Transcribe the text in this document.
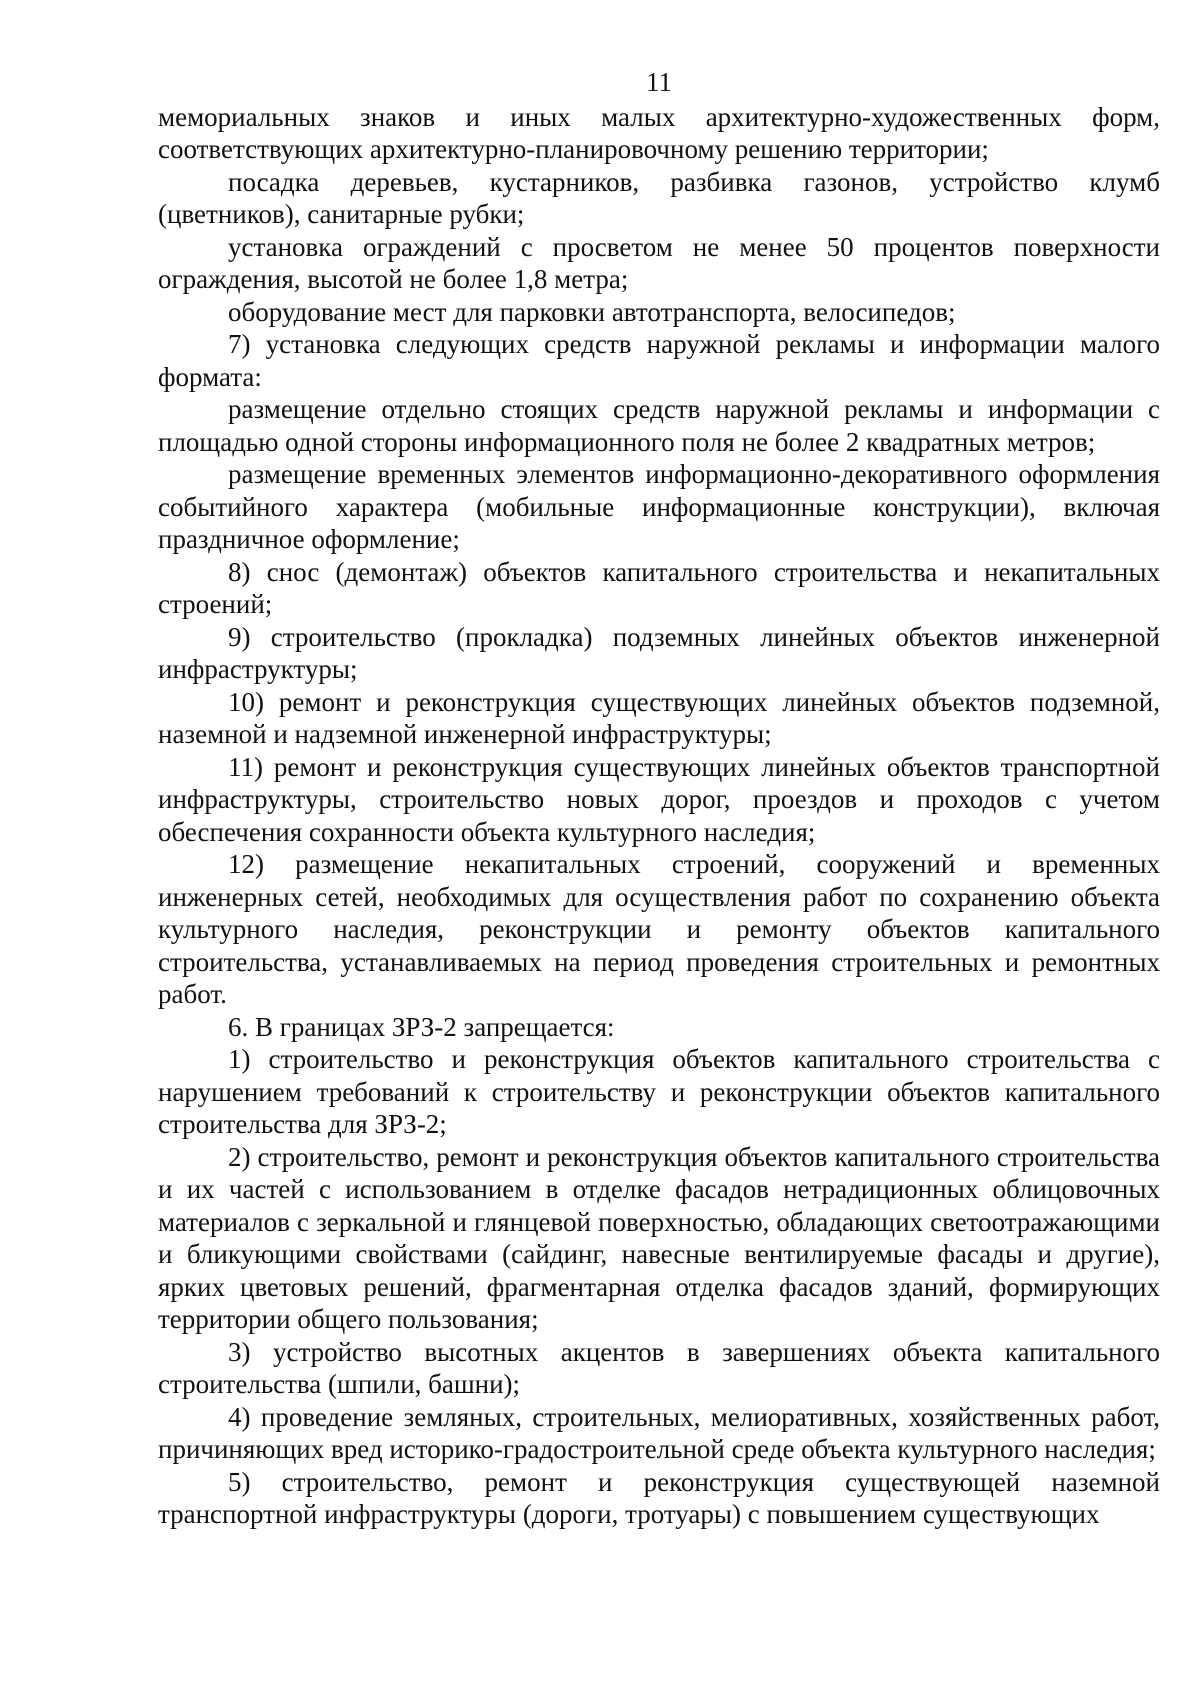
11

мемориальных знаков и иных малых архитектурно-художественных форм, соответствующих архитектурно-планировочному решению территории;

посадка деревьев, кустарников, разбивка газонов, устройство клумб (цветников), санитарные рубки;

установка ограждений с просветом не менее 50 процентов поверхности ограждения, высотой не более 1,8 метра;

оборудование мест для парковки автотранспорта, велосипедов;

7) установка следующих средств наружной рекламы и информации малого формата:

размещение отдельно стоящих средств наружной рекламы и информации с площадью одной стороны информационного поля не более 2 квадратных метров;

размещение временных элементов информационно-декоративного оформления событийного характера (мобильные информационные конструкции), включая праздничное оформление;

8) снос (демонтаж) объектов капитального строительства и некапитальных строений;

9) строительство (прокладка) подземных линейных объектов инженерной инфраструктуры;

10) ремонт и реконструкция существующих линейных объектов подземной, наземной и надземной инженерной инфраструктуры;

11) ремонт и реконструкция существующих линейных объектов транспортной инфраструктуры, строительство новых дорог, проездов и проходов с учетом обеспечения сохранности объекта культурного наследия;

12) размещение некапитальных строений, сооружений и временных инженерных сетей, необходимых для осуществления работ по сохранению объекта культурного наследия, реконструкции и ремонту объектов капитального строительства, устанавливаемых на период проведения строительных и ремонтных работ.

6. В границах ЗРЗ-2 запрещается:

1) строительство и реконструкция объектов капитального строительства с нарушением требований к строительству и реконструкции объектов капитального строительства для ЗРЗ-2;

2) строительство, ремонт и реконструкция объектов капитального строительства и их частей с использованием в отделке фасадов нетрадиционных облицовочных материалов с зеркальной и глянцевой поверхностью, обладающих светоотражающими и бликующими свойствами (сайдинг, навесные вентилируемые фасады и другие), ярких цветовых решений, фрагментарная отделка фасадов зданий, формирующих территории общего пользования;

3) устройство высотных акцентов в завершениях объекта капитального строительства (шпили, башни);

4) проведение земляных, строительных, мелиоративных, хозяйственных работ, причиняющих вред историко-градостроительной среде объекта культурного наследия;

5) строительство, ремонт и реконструкция существующей наземной транспортной инфраструктуры (дороги, тротуары) с повышением существующих
